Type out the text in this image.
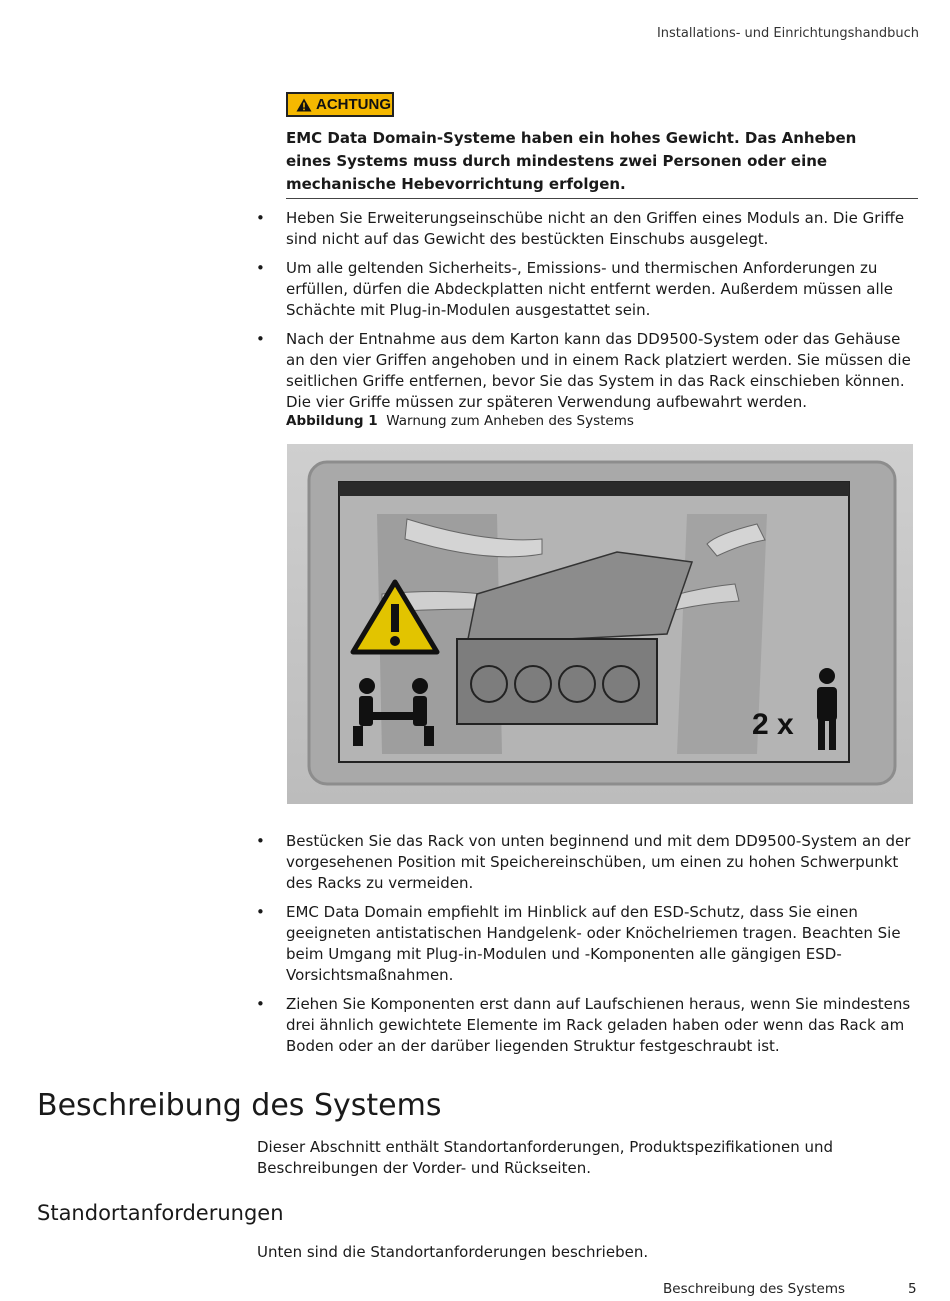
Installations- und Einrichtungshandbuch
ACHTUNG
EMC Data Domain-Systeme haben ein hohes Gewicht. Das Anheben eines Systems muss durch mindestens zwei Personen oder eine mechanische Hebevorrichtung erfolgen.
• Heben Sie Erweiterungseinschübe nicht an den Griffen eines Moduls an. Die Griffe sind nicht auf das Gewicht des bestückten Einschubs ausgelegt.
• Um alle geltenden Sicherheits-, Emissions- und thermischen Anforderungen zu erfüllen, dürfen die Abdeckplatten nicht entfernt werden. Außerdem müssen alle Schächte mit Plug-in-Modulen ausgestattet sein.
• Nach der Entnahme aus dem Karton kann das DD9500-System oder das Gehäuse an den vier Griffen angehoben und in einem Rack platziert werden. Sie müssen die seitlichen Griffe entfernen, bevor Sie das System in das Rack einschieben können. Die vier Griffe müssen zur späteren Verwendung aufbewahrt werden.
Abbildung 1 Warnung zum Anheben des Systems
2 x
• Bestücken Sie das Rack von unten beginnend und mit dem DD9500-System an der vorgesehenen Position mit Speichereinschüben, um einen zu hohen Schwerpunkt des Racks zu vermeiden.
• EMC Data Domain empfiehlt im Hinblick auf den ESD-Schutz, dass Sie einen geeigneten antistatischen Handgelenk- oder Knöchelriemen tragen. Beachten Sie beim Umgang mit Plug-in-Modulen und -Komponenten alle gängigen ESD-Vorsichtsmaßnahmen.
• Ziehen Sie Komponenten erst dann auf Laufschienen heraus, wenn Sie mindestens drei ähnlich gewichtete Elemente im Rack geladen haben oder wenn das Rack am Boden oder an der darüber liegenden Struktur festgeschraubt ist.
Beschreibung des Systems
Dieser Abschnitt enthält Standortanforderungen, Produktspezifikationen und Beschreibungen der Vorder- und Rückseiten.
Standortanforderungen
Unten sind die Standortanforderungen beschrieben.
Beschreibung des Systems	5
